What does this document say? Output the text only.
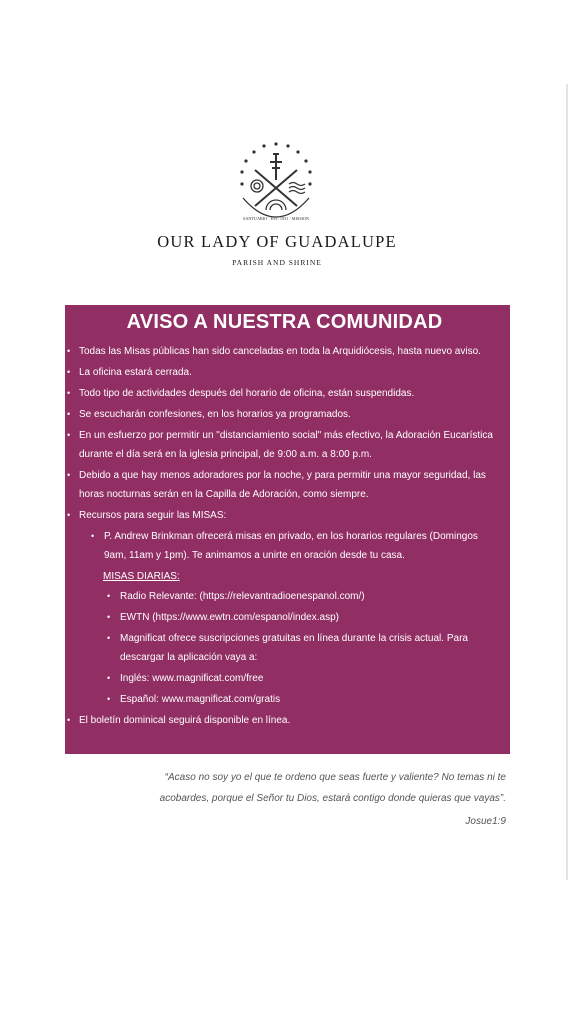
SANTUARIO · EST. 1931 · MISSION
OUR LADY OF GUADALUPE
PARISH AND SHRINE
AVISO A NUESTRA COMUNIDAD
• Todas las Misas públicas han sido canceladas en toda la Arquidiócesis, hasta nuevo aviso.
• La oficina estará cerrada.
• Todo tipo de actividades después del horario de oficina, están suspendidas.
• Se escucharán confesiones, en los horarios ya programados.
• En un esfuerzo por permitir un "distanciamiento social" más efectivo, la Adoración Eucarística durante el día será en la iglesia principal, de 9:00 a.m. a 8:00 p.m.
• Debido a que hay menos adoradores por la noche, y para permitir una mayor seguridad, las horas nocturnas serán en la Capilla de Adoración, como siempre.
• Recursos para seguir las MISAS:
• P. Andrew Brinkman ofrecerá misas en privado, en los horarios regulares (Domingos 9am, 11am y 1pm). Te animamos a unirte en oración desde tu casa.
MISAS DIARIAS:
• Radio Relevante: (https://relevantradioenespanol.com/)
• EWTN (https://www.ewtn.com/espanol/index.asp)
• Magnificat ofrece suscripciones gratuitas en línea durante la crisis actual. Para descargar la aplicación vaya a:
• Inglés: www.magnificat.com/free
• Español: www.magnificat.com/gratis
• El boletín dominical seguirá disponible en línea.
“Acaso no soy yo el que te ordeno que seas fuerte y valiente? No temas ni te acobardes, porque el Señor tu Dios, estará contigo donde quieras que vayas”.
Josue1:9
